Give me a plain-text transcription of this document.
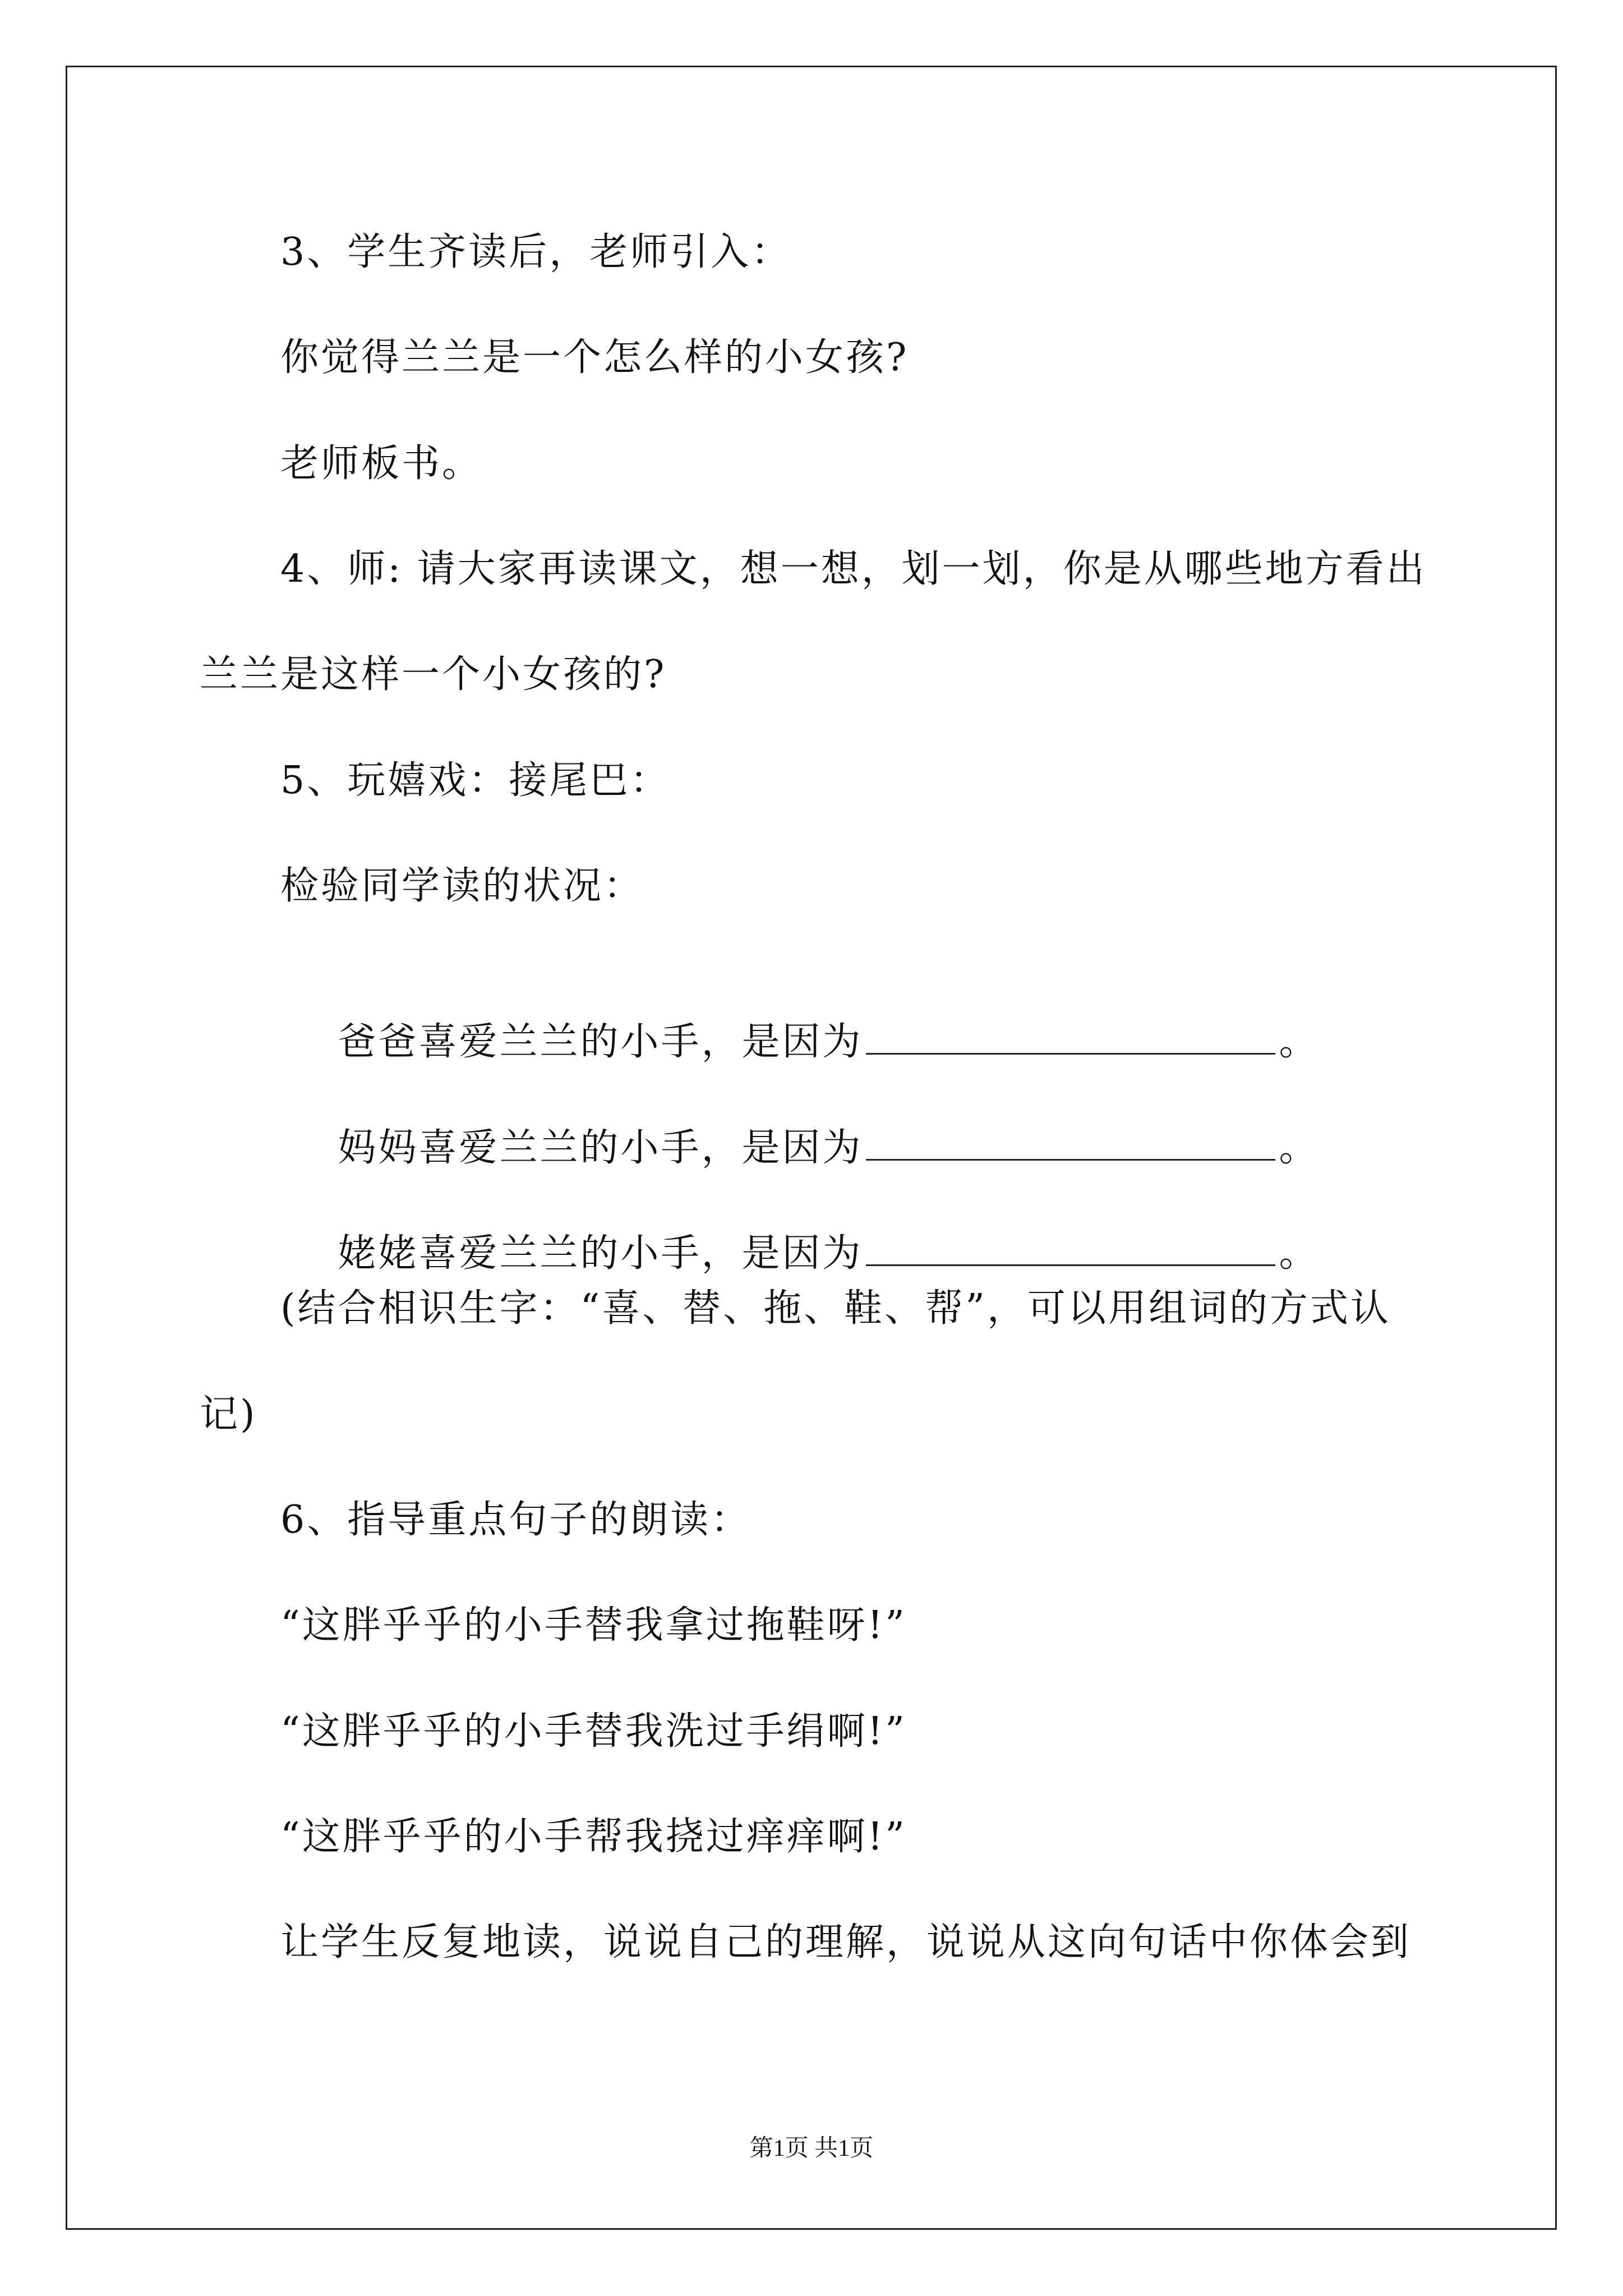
3、学生齐读后，老师引入：
你觉得兰兰是一个怎么样的小女孩?
老师板书。
4、师: 请大家再读课文，想一想，划一划，你是从哪些地方看出
兰兰是这样一个小女孩的?
5、玩嬉戏：接尾巴：
检验同学读的状况：

爸爸喜爱兰兰的小手，是因为	。

妈妈喜爱兰兰的小手，是因为	。

姥姥喜爱兰兰的小手，是因为	。

(结合相识生字：“喜、替、拖、鞋、帮”，可以用组词的方式认
记)
6、指导重点句子的朗读：
“这胖乎乎的小手替我拿过拖鞋呀!”
“这胖乎乎的小手替我洗过手绢啊!”
“这胖乎乎的小手帮我挠过痒痒啊!”
让学生反复地读，说说自己的理解，说说从这向句话中你体会到
第1页 共1页
